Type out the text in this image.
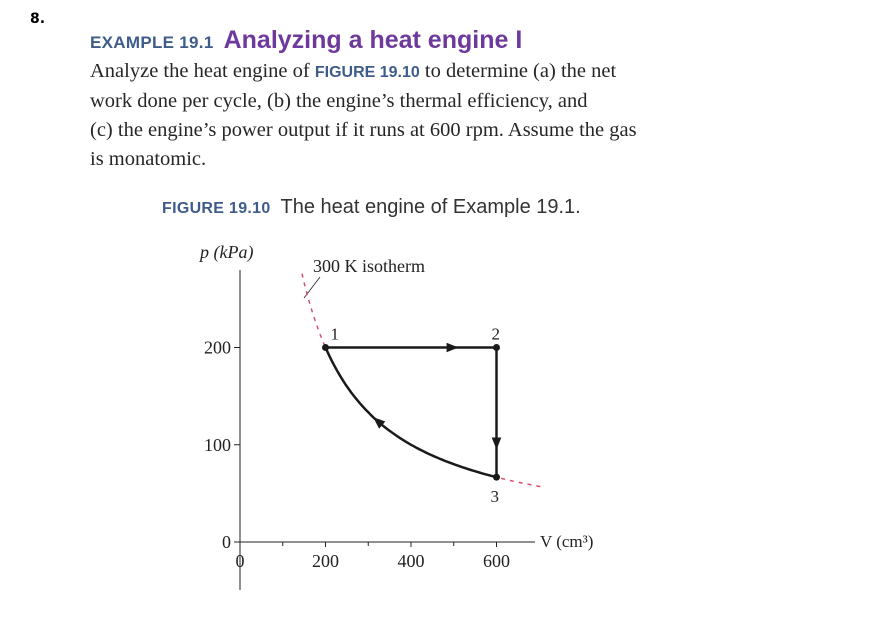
8.
EXAMPLE 19.1 Analyzing a heat engine I
Analyze the heat engine of FIGURE 19.10 to determine (a) the net
work done per cycle, (b) the engine’s thermal efficiency, and
(c) the engine’s power output if it runs at 600 rpm. Assume the gas
is monatomic.
FIGURE 19.10 The heat engine of Example 19.1.
0	200	400	600
0
100
200
p (kPa)
V (cm³)
300 K isotherm
1	2
3
